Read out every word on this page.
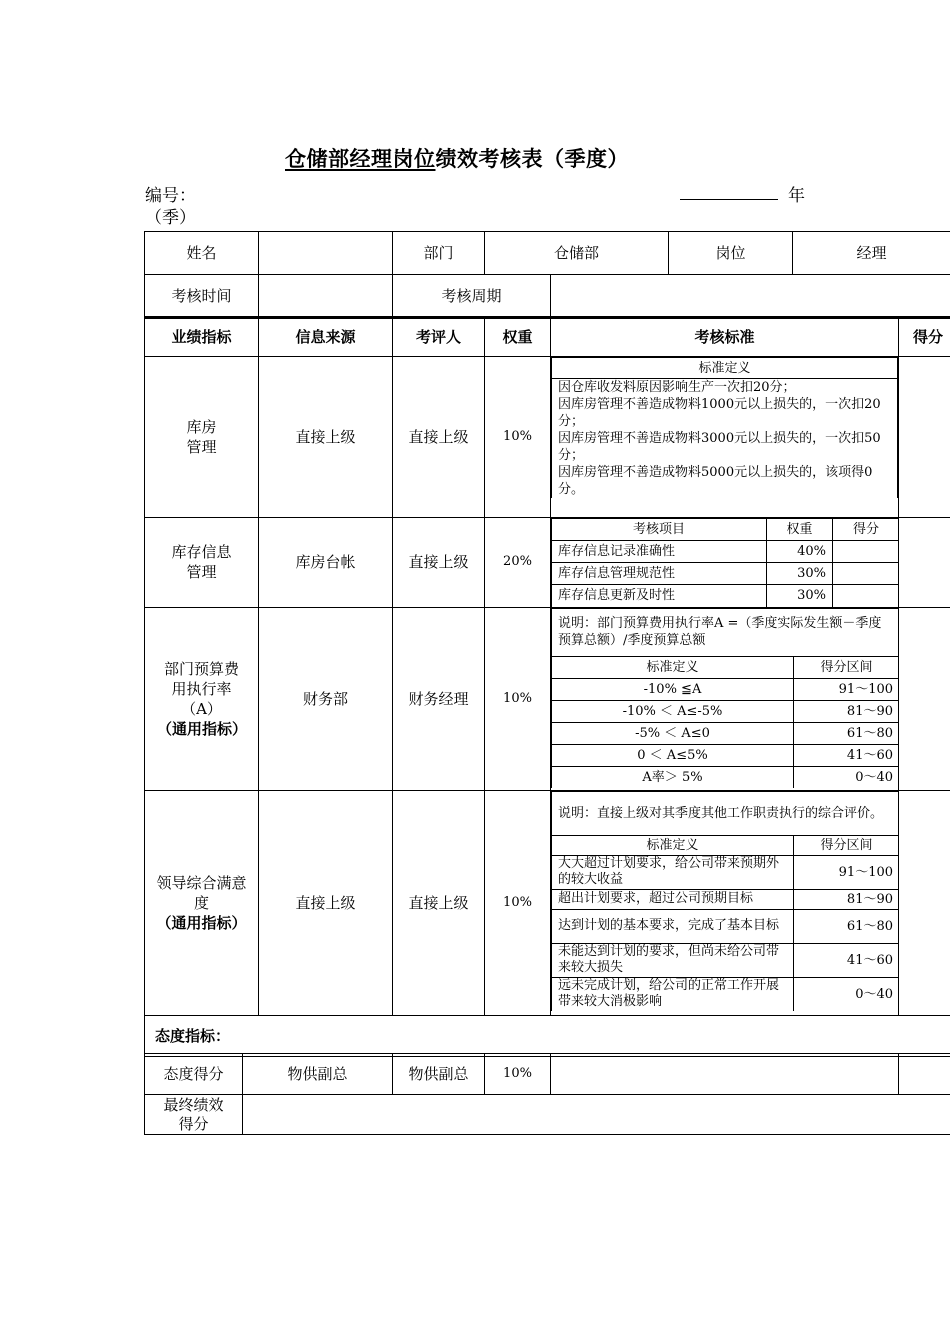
仓储部经理岗位绩效考核表（季度）
编号：	年
（季）
姓名		部门	仓储部	岗位	经理
考核时间		考核周期	
业绩指标	信息来源	考评人	权重	考核标准	得分
库房
管理	直接上级	直接上级	10%	
标准定义

因仓库收发料原因影响生产一次扣20分；
因库房管理不善造成物料1000元以上损失的，一次扣20分；
因库房管理不善造成物料3000元以上损失的，一次扣50分；
因库房管理不善造成物料5000元以上损失的，该项得0分。

库存信息
管理	库房台帐	直接上级	20%	
考核项目	权重	得分
库存信息记录准确性	40%	
库存信息管理规范性	30%	
库存信息更新及时性	30%	

部门预算费用执行率（A）
（通用指标）
	财务部	财务经理	10%	
说明：部门预算费用执行率A =（季度实际发生额－季度预算总额）/季度预算总额
标准定义	得分区间
-10% ≦A	91～100
-10% ＜ A≤-5%	81～90
-5% ＜ A≤0	61～80
0 ＜ A≤5%	41～60
A率＞ 5%	0～40

领导综合满意度
（通用指标）
	直接上级	直接上级	10%	
说明：直接上级对其季度其他工作职责执行的综合评价。
标准定义	得分区间
大大超过计划要求，给公司带来预期外的较大收益	91～100
超出计划要求，超过公司预期目标	81～90
达到计划的基本要求，完成了基本目标	61～80
未能达到计划的要求，但尚未给公司带来较大损失	41～60
远未完成计划，给公司的正常工作开展带来较大消极影响	0～40

态度指标：
态度得分	物供副总	物供副总	10%		
最终绩效
得分					
